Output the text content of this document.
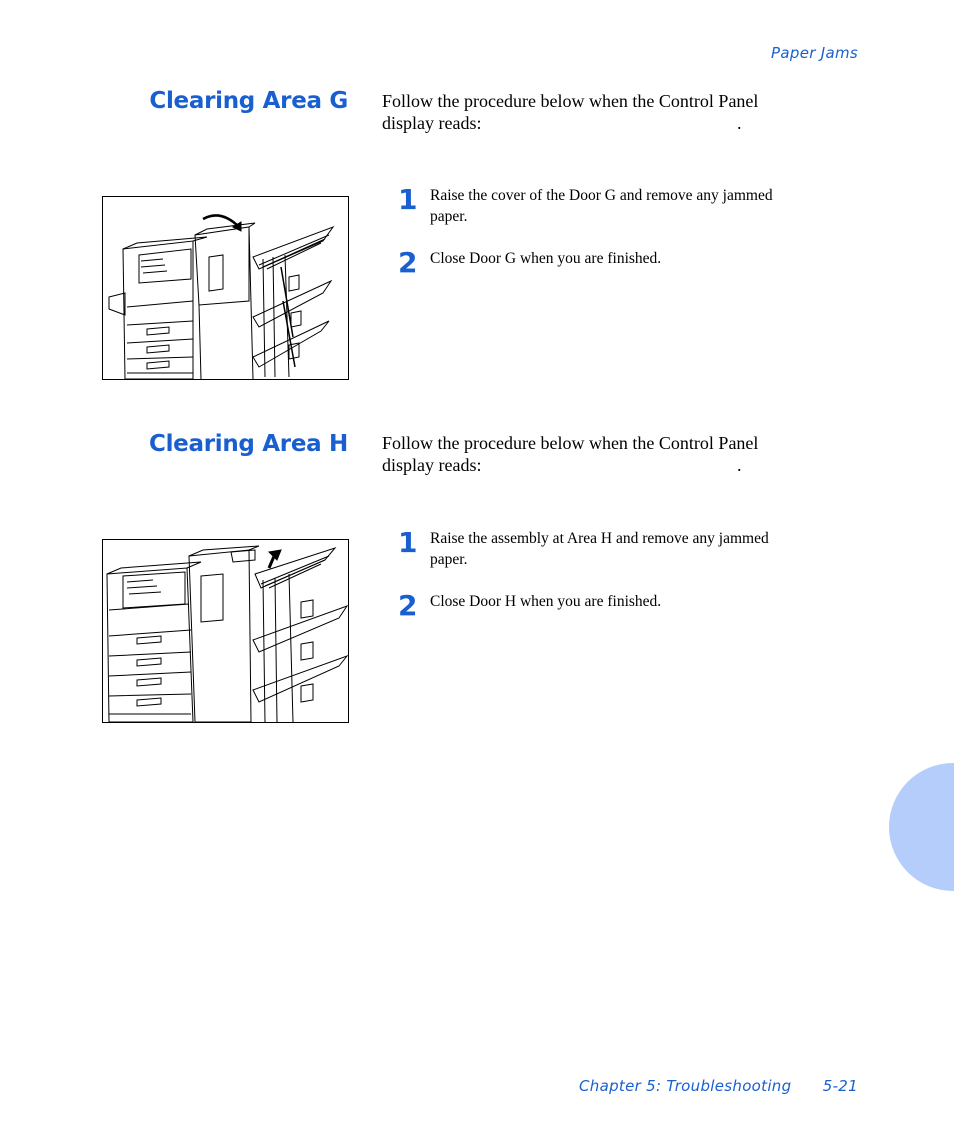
Paper Jams
Clearing Area G Follow the procedure below when the Control Panel
display reads:	.
1 Raise the cover of the Door G and remove any jammed
paper.
2 Close Door G when you are finished.
Clearing Area H Follow the procedure below when the Control Panel
display reads:	.
1 Raise the assembly at Area H and remove any jammed
paper.
2 Close Door H when you are finished.
Chapter 5: Troubleshooting 5-21
